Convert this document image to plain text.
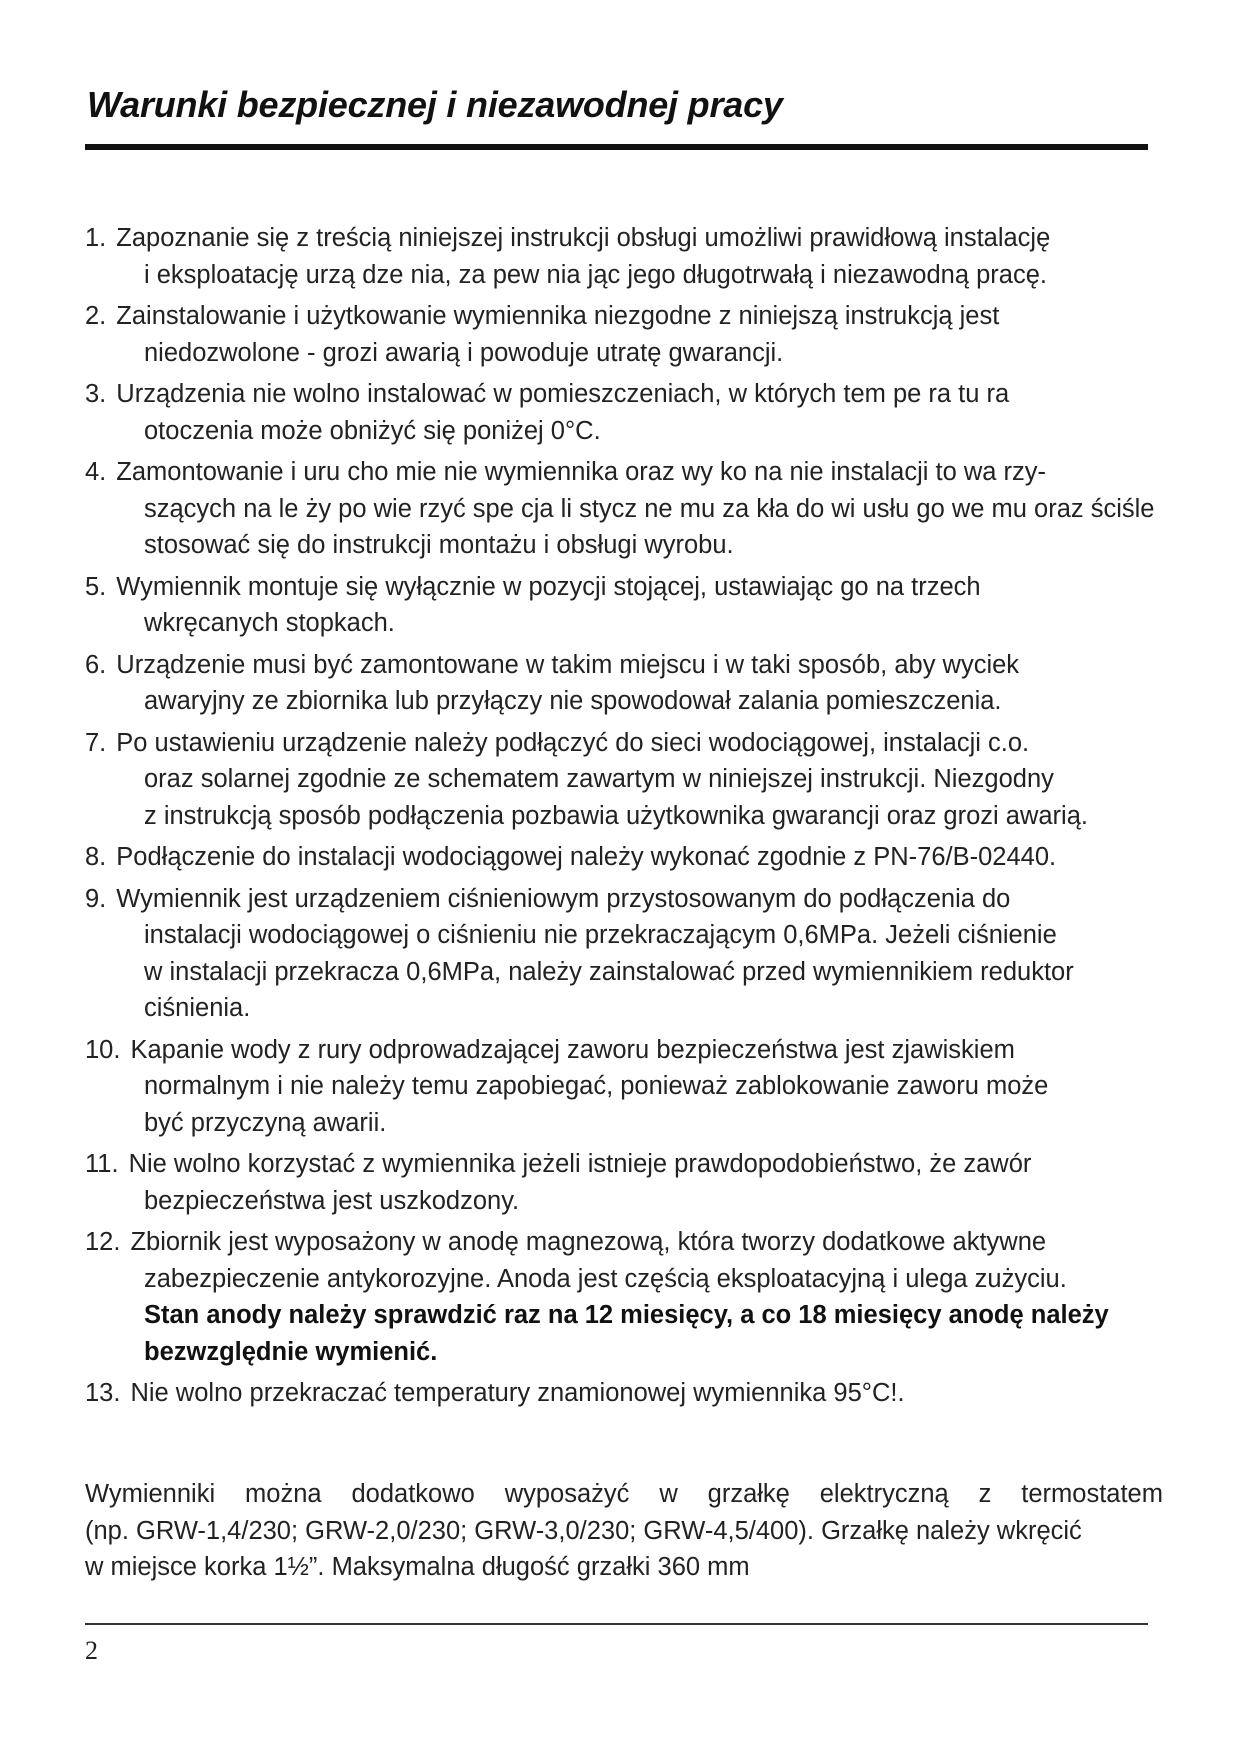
Warunki bezpiecznej i niezawodnej pracy
1. Zapoznanie się z treścią niniejszej instrukcji obsługi umożliwi prawidłową instalację
i eksploatację urzą dze nia, za pew nia jąc jego długotrwałą i niezawodną pracę.
2. Zainstalowanie i użytkowanie wymiennika niezgodne z niniejszą instrukcją jest
niedozwolone - grozi awarią i powoduje utratę gwarancji.
3. Urządzenia nie wolno instalować w pomieszczeniach, w których tem pe ra tu ra
otoczenia może obniżyć się poniżej 0°C.
4. Zamontowanie i uru cho mie nie wymiennika oraz wy ko na nie instalacji to wa rzy-
szących na le ży po wie rzyć spe cja li stycz ne mu za kła do wi usłu go we mu oraz ściśle
stosować się do instrukcji montażu i obsługi wyrobu.
5. Wymiennik montuje się wyłącznie w pozycji stojącej, ustawiając go na trzech
wkręcanych stopkach.
6. Urządzenie musi być zamontowane w takim miejscu i w taki sposób, aby wyciek
awaryjny ze zbiornika lub przyłączy nie spowodował zalania pomieszczenia.
7. Po ustawieniu urządzenie należy podłączyć do sieci wodociągowej, instalacji c.o.
oraz solarnej zgodnie ze schematem zawartym w niniejszej instrukcji. Niezgodny
z instrukcją sposób podłączenia pozbawia użytkownika gwarancji oraz grozi awarią.
8. Podłączenie do instalacji wodociągowej należy wykonać zgodnie z PN-76/B-02440.
9. Wymiennik jest urządzeniem ciśnieniowym przystosowanym do podłączenia do
instalacji wodociągowej o ciśnieniu nie przekraczającym 0,6MPa. Jeżeli ciśnienie
w instalacji przekracza 0,6MPa, należy zainstalować przed wymiennikiem reduktor
ciśnienia.
10. Kapanie wody z rury odprowadzającej zaworu bezpieczeństwa jest zjawiskiem
normalnym i nie należy temu zapobiegać, ponieważ zablokowanie zaworu może
być przyczyną awarii.
11. Nie wolno korzystać z wymiennika jeżeli istnieje prawdopodobieństwo, że zawór
bezpieczeństwa jest uszkodzony.
12. Zbiornik jest wyposażony w anodę magnezową, która tworzy dodatkowe aktywne
zabezpieczenie antykorozyjne. Anoda jest częścią eksploatacyjną i ulega zużyciu.
Stan anody należy sprawdzić raz na 12 miesięcy, a co 18 miesięcy anodę należy
bezwzględnie wymienić.
13. Nie wolno przekraczać temperatury znamionowej wymiennika 95°C!.
Wymienniki można dodatkowo wyposażyć w grzałkę elektryczną z termostatem
(np. GRW-1,4/230; GRW-2,0/230; GRW-3,0/230; GRW-4,5/400). Grzałkę należy wkręcić
w miejsce korka 1½”. Maksymalna długość grzałki 360 mm
2
